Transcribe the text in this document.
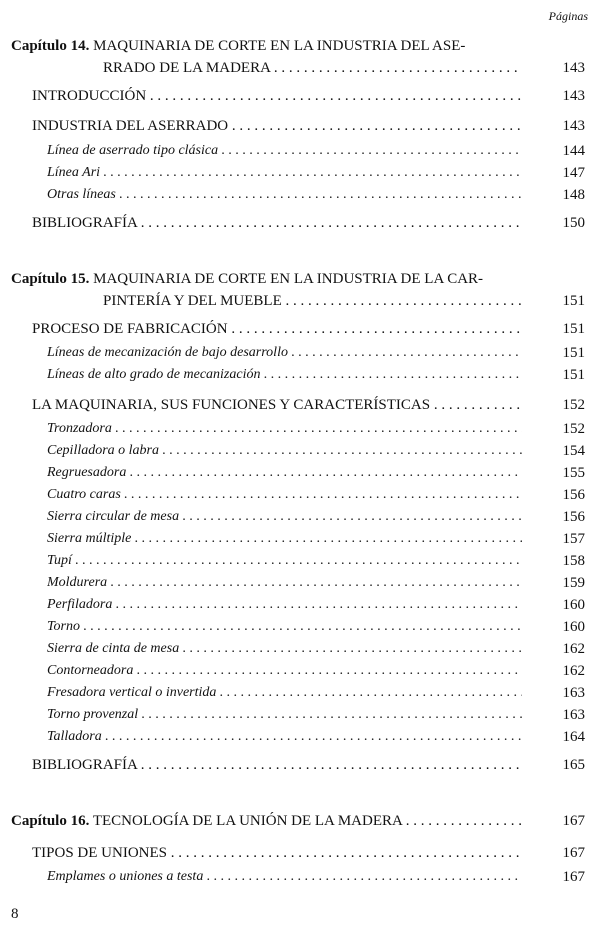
Páginas
Capítulo 14. MAQUINARIA DE CORTE EN LA INDUSTRIA DEL ASE-
RRADO DE LA MADERA . . .	143
INTRODUCCIÓN . . .	143
INDUSTRIA DEL ASERRADO . . .	143
Línea de aserrado tipo clásica . . .	144
Línea Ari . . .	147
Otras líneas . . .	148
BIBLIOGRAFÍA . . .	150
Capítulo 15. MAQUINARIA DE CORTE EN LA INDUSTRIA DE LA CAR-
PINTERÍA Y DEL MUEBLE . . .	151
PROCESO DE FABRICACIÓN . . .	151
Líneas de mecanización de bajo desarrollo . . .	151
Líneas de alto grado de mecanización . . .	151
LA MAQUINARIA, SUS FUNCIONES Y CARACTERÍSTICAS . . .	152
Tronzadora . . .	152
Cepilladora o labra . . .	154
Regruesadora . . .	155
Cuatro caras . . .	156
Sierra circular de mesa . . .	156
Sierra múltiple . . .	157
Tupí . . .	158
Moldurera . . .	159
Perfiladora . . .	160
Torno . . .	160
Sierra de cinta de mesa . . .	162
Contorneadora . . .	162
Fresadora vertical o invertida . . .	163
Torno provenzal . . .	163
Talladora . . .	164
BIBLIOGRAFÍA . . .	165
Capítulo 16. TECNOLOGÍA DE LA UNIÓN DE LA MADERA . . .	167
TIPOS DE UNIONES . . .	167
Emplames o uniones a testa . . .	167
8
